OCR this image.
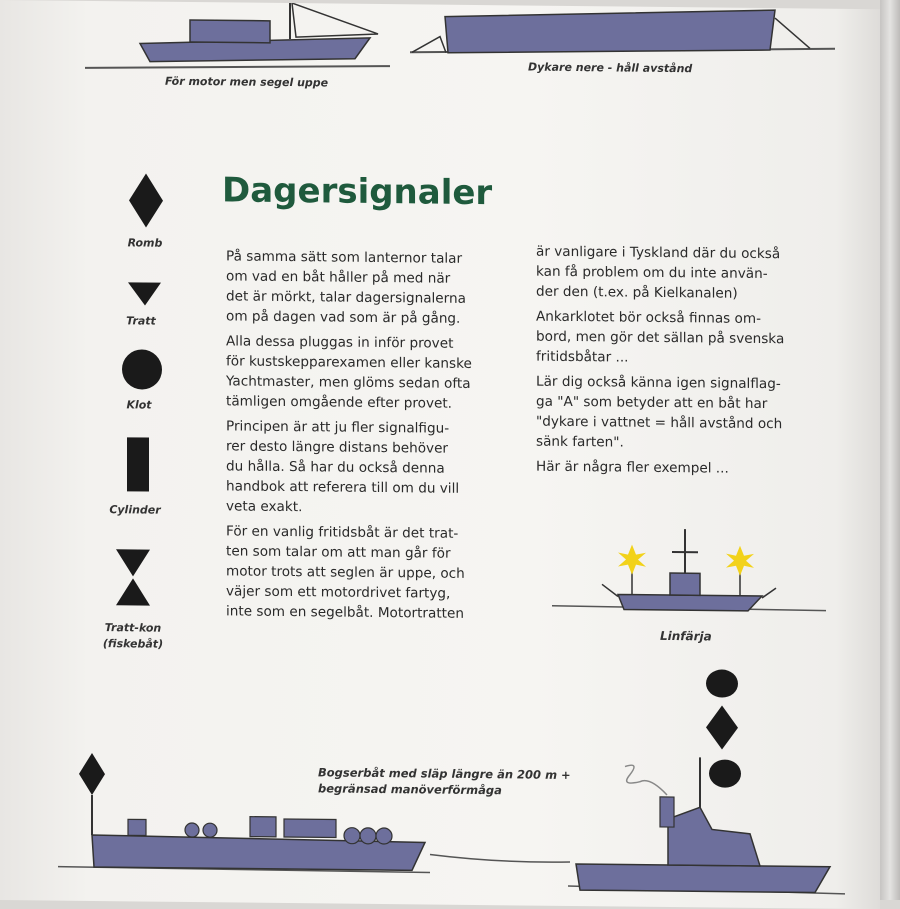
För motor men segel uppe
Dykare nere - håll avstånd
Dagersignaler
Romb
Tratt
Klot
Cylinder
Tratt-kon
(fiskebåt)

På samma sätt som lanternor talar
om vad en båt håller på med när
det är mörkt, talar dagersignalerna
om på dagen vad som är på gång.

Alla dessa pluggas in inför provet
för kustskepparexamen eller kanske
Yachtmaster, men glöms sedan ofta
tämligen omgående efter provet.

Principen är att ju fler signalfigu-
rer desto längre distans behöver
du hålla. Så har du också denna
handbok att referera till om du vill
veta exakt.

För en vanlig fritidsbåt är det trat-
ten som talar om att man går för
motor trots att seglen är uppe, och
väjer som ett motordrivet fartyg,
inte som en segelbåt. Motortratten

är vanligare i Tyskland där du också
kan få problem om du inte använ-
der den (t.ex. på Kielkanalen)

Ankarklotet bör också finnas om-
bord, men gör det sällan på svenska
fritidsbåtar ...

Lär dig också känna igen signalflag-
ga "A" som betyder att en båt har
"dykare i vattnet = håll avstånd och
sänk farten".

Här är några fler exempel ...

Linfärja
Bogserbåt med släp längre än 200 m +
begränsad manöverförmåga
